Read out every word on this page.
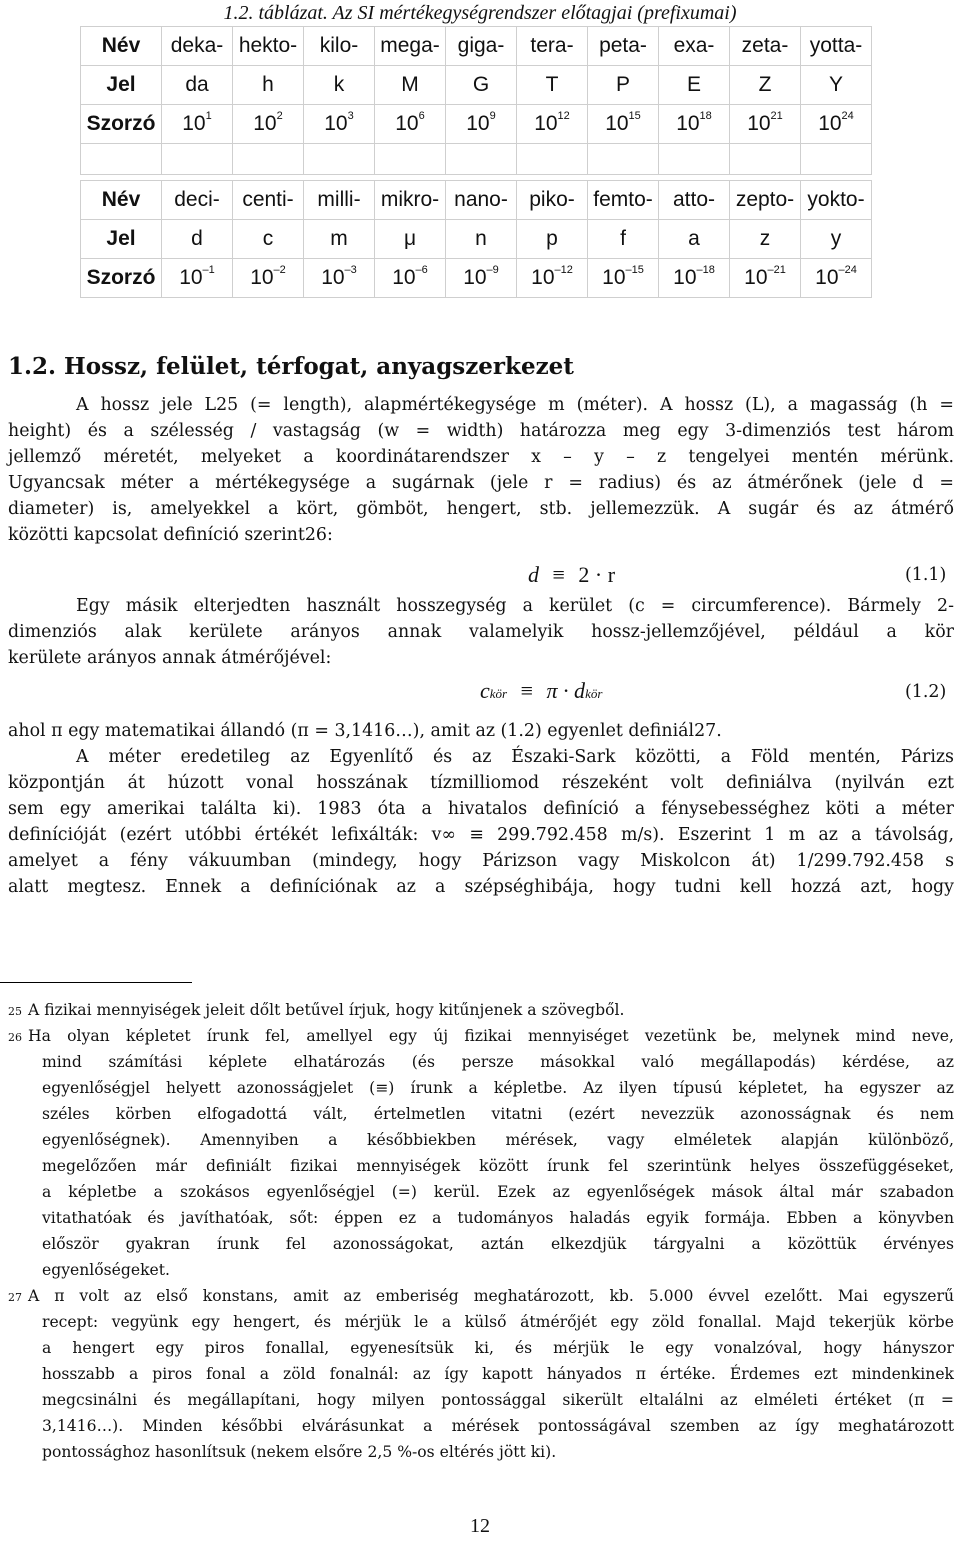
1.2. táblázat. Az SI mértékegységrendszer előtagjai (prefixumai)
Név	deka-	hekto-	kilo-	mega-	giga-	tera-	peta-	exa-	zeta-	yotta-
Jel	da	h	k	M	G	T	P	E	Z	Y
Szorzó	$10^1$	$10^2$	$10^3$	$10^6$	$10^9$	$10^{12}$	$10^{15}$	$10^{18}$	$10^{21}$	$10^{24}$

Név	deci-	centi-	milli-	mikro-	nano-	piko-	femto-	atto-	zepto-	yokto-
Jel	d	c	m	μ	n	p	f	a	z	y
Szorzó	$10^{-1}$	$10^{-2}$	$10^{-3}$	$10^{-6}$	$10^{-9}$	$10^{-12}$	$10^{-15}$	$10^{-18}$	$10^{-21}$	$10^{-24}$
1.2. Hossz, felület, térfogat, anyagszerkezet
A hossz jele L25 (= length), alapmértékegysége m (méter). A hossz (L), a magasság (h =
height) és a szélesség / vastagság (w = width) határozza meg egy 3-dimenziós test három
jellemző méretét, melyeket a koordinátarendszer x – y – z tengelyei mentén mérünk.
Ugyancsak méter a mértékegysége a sugárnak (jele r = radius) és az átmérőnek (jele d =
diameter) is, amelyekkel a kört, gömböt, hengert, stb. jellemezzük. A sugár és az átmérő
közötti kapcsolat definíció szerint26:
d ≡ 2 · r	(1.1)
Egy másik elterjedten használt hosszegység a kerület (c = circumference). Bármely 2-
dimenziós alak kerülete arányos annak valamelyik hossz-jellemzőjével, például a kör
kerülete arányos annak átmérőjével:
ckör ≡ π · dkör	(1.2)
ahol π egy matematikai állandó (π = 3,1416…), amit az (1.2) egyenlet definiál27.
A méter eredetileg az Egyenlítő és az Északi-Sark közötti, a Föld mentén, Párizs
központján át húzott vonal hosszának tízmilliomod részeként volt definiálva (nyilván ezt
sem egy amerikai találta ki). 1983 óta a hivatalos definíció a fénysebességhez köti a méter
definícióját (ezért utóbbi értékét lefixálták: v∞ ≡ 299.792.458 m/s). Eszerint 1 m az a távolság,
amelyet a fény vákuumban (mindegy, hogy Párizson vagy Miskolcon át) 1/299.792.458 s
alatt megtesz. Ennek a definíciónak az a szépséghibája, hogy tudni kell hozzá azt, hogy
$^{25}$ A fizikai mennyiségek jeleit dőlt betűvel írjuk, hogy kitűnjenek a szövegből.
$^{26}$ Ha olyan képletet írunk fel, amellyel egy új fizikai mennyiséget vezetünk be, melynek mind neve,
mind számítási képlete elhatározás (és persze másokkal való megállapodás) kérdése, az
egyenlőségjel helyett azonosságjelet (≡) írunk a képletbe. Az ilyen típusú képletet, ha egyszer az
széles körben elfogadottá vált, értelmetlen vitatni (ezért nevezzük azonosságnak és nem
egyenlőségnek). Amennyiben a későbbiekben mérések, vagy elméletek alapján különböző,
megelőzően már definiált fizikai mennyiségek között írunk fel szerintünk helyes összefüggéseket,
a képletbe a szokásos egyenlőségjel (=) kerül. Ezek az egyenlőségek mások által már szabadon
vitathatóak és javíthatóak, sőt: éppen ez a tudományos haladás egyik formája. Ebben a könyvben
először gyakran írunk fel azonosságokat, aztán elkezdjük tárgyalni a közöttük érvényes
egyenlőségeket.
$^{27}$ A π volt az első konstans, amit az emberiség meghatározott, kb. 5.000 évvel ezelőtt. Mai egyszerű
recept: vegyünk egy hengert, és mérjük le a külső átmérőjét egy zöld fonallal. Majd tekerjük körbe
a hengert egy piros fonallal, egyenesítsük ki, és mérjük le egy vonalzóval, hogy hányszor
hosszabb a piros fonal a zöld fonalnál: az így kapott hányados π értéke. Érdemes ezt mindenkinek
megcsinálni és megállapítani, hogy milyen pontossággal sikerült eltalálni az elméleti értéket (π =
3,1416…). Minden későbbi elvárásunkat a mérések pontosságával szemben az így meghatározott
pontossághoz hasonlítsuk (nekem elsőre 2,5 %-os eltérés jött ki).
12
